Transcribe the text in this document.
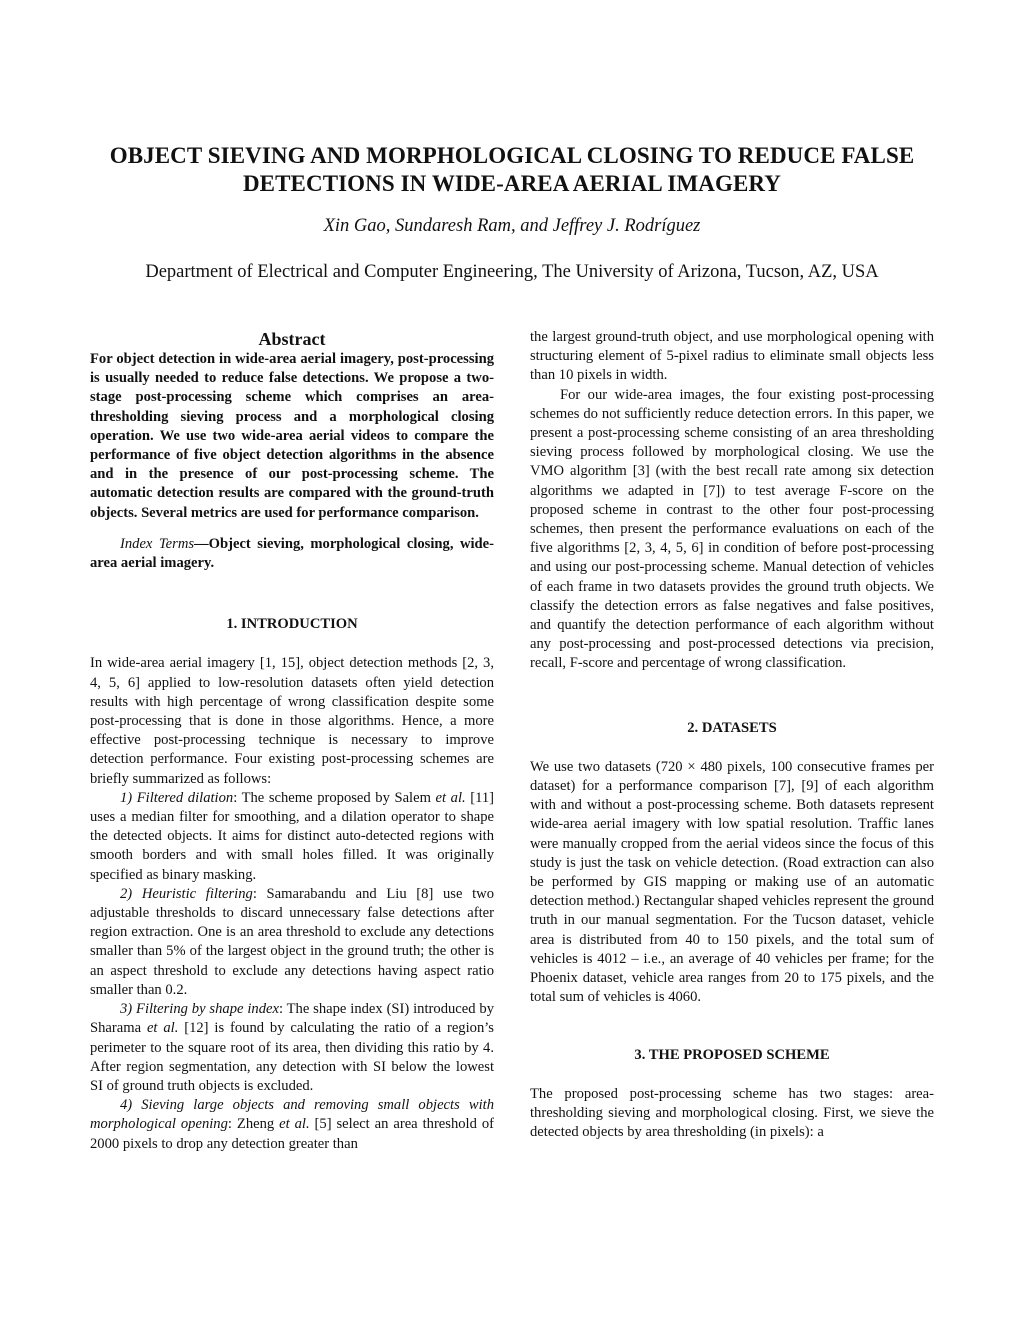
OBJECT SIEVING AND MORPHOLOGICAL CLOSING TO REDUCE FALSE DETECTIONS IN WIDE-AREA AERIAL IMAGERY
Xin Gao, Sundaresh Ram, and Jeffrey J. Rodríguez
Department of Electrical and Computer Engineering, The University of Arizona, Tucson, AZ, USA

Abstract

For object detection in wide-area aerial imagery, post-processing is usually needed to reduce false detections. We propose a two-stage post-processing scheme which comprises an area-thresholding sieving process and a morphological closing operation. We use two wide-area aerial videos to compare the performance of five object detection algorithms in the absence and in the presence of our post-processing scheme. The automatic detection results are compared with the ground-truth objects. Several metrics are used for performance comparison.

Index Terms—Object sieving, morphological closing, wide-area aerial imagery.

1. INTRODUCTION

In wide-area aerial imagery [1, 15], object detection methods [2, 3, 4, 5, 6] applied to low-resolution datasets often yield detection results with high percentage of wrong classification despite some post-processing that is done in those algorithms. Hence, a more effective post-processing technique is necessary to improve detection performance. Four existing post-processing schemes are briefly summarized as follows:

1) Filtered dilation: The scheme proposed by Salem et al. [11] uses a median filter for smoothing, and a dilation operator to shape the detected objects. It aims for distinct auto-detected regions with smooth borders and with small holes filled. It was originally specified as binary masking.

2) Heuristic filtering: Samarabandu and Liu [8] use two adjustable thresholds to discard unnecessary false detections after region extraction. One is an area threshold to exclude any detections smaller than 5% of the largest object in the ground truth; the other is an aspect threshold to exclude any detections having aspect ratio smaller than 0.2.

3) Filtering by shape index: The shape index (SI) introduced by Sharama et al. [12] is found by calculating the ratio of a region’s perimeter to the square root of its area, then dividing this ratio by 4. After region segmentation, any detection with SI below the lowest SI of ground truth objects is excluded.

4) Sieving large objects and removing small objects with morphological opening: Zheng et al. [5] select an area threshold of 2000 pixels to drop any detection greater than

the largest ground-truth object, and use morphological opening with structuring element of 5-pixel radius to eliminate small objects less than 10 pixels in width.

For our wide-area images, the four existing post-processing schemes do not sufficiently reduce detection errors. In this paper, we present a post-processing scheme consisting of an area thresholding sieving process followed by morphological closing. We use the VMO algorithm [3] (with the best recall rate among six detection algorithms we adapted in [7]) to test average F-score on the proposed scheme in contrast to the other four post-processing schemes, then present the performance evaluations on each of the five algorithms [2, 3, 4, 5, 6] in condition of before post-processing and using our post-processing scheme. Manual detection of vehicles of each frame in two datasets provides the ground truth objects. We classify the detection errors as false negatives and false positives, and quantify the detection performance of each algorithm without any post-processing and post-processed detections via precision, recall, F-score and percentage of wrong classification.

2. DATASETS

We use two datasets (720 × 480 pixels, 100 consecutive frames per dataset) for a performance comparison [7], [9] of each algorithm with and without a post-processing scheme. Both datasets represent wide-area aerial imagery with low spatial resolution. Traffic lanes were manually cropped from the aerial videos since the focus of this study is just the task on vehicle detection. (Road extraction can also be performed by GIS mapping or making use of an automatic detection method.) Rectangular shaped vehicles represent the ground truth in our manual segmentation. For the Tucson dataset, vehicle area is distributed from 40 to 150 pixels, and the total sum of vehicles is 4012 – i.e., an average of 40 vehicles per frame; for the Phoenix dataset, vehicle area ranges from 20 to 175 pixels, and the total sum of vehicles is 4060.

3. THE PROPOSED SCHEME

The proposed post-processing scheme has two stages: area-thresholding sieving and morphological closing. First, we sieve the detected objects by area thresholding (in pixels): a
